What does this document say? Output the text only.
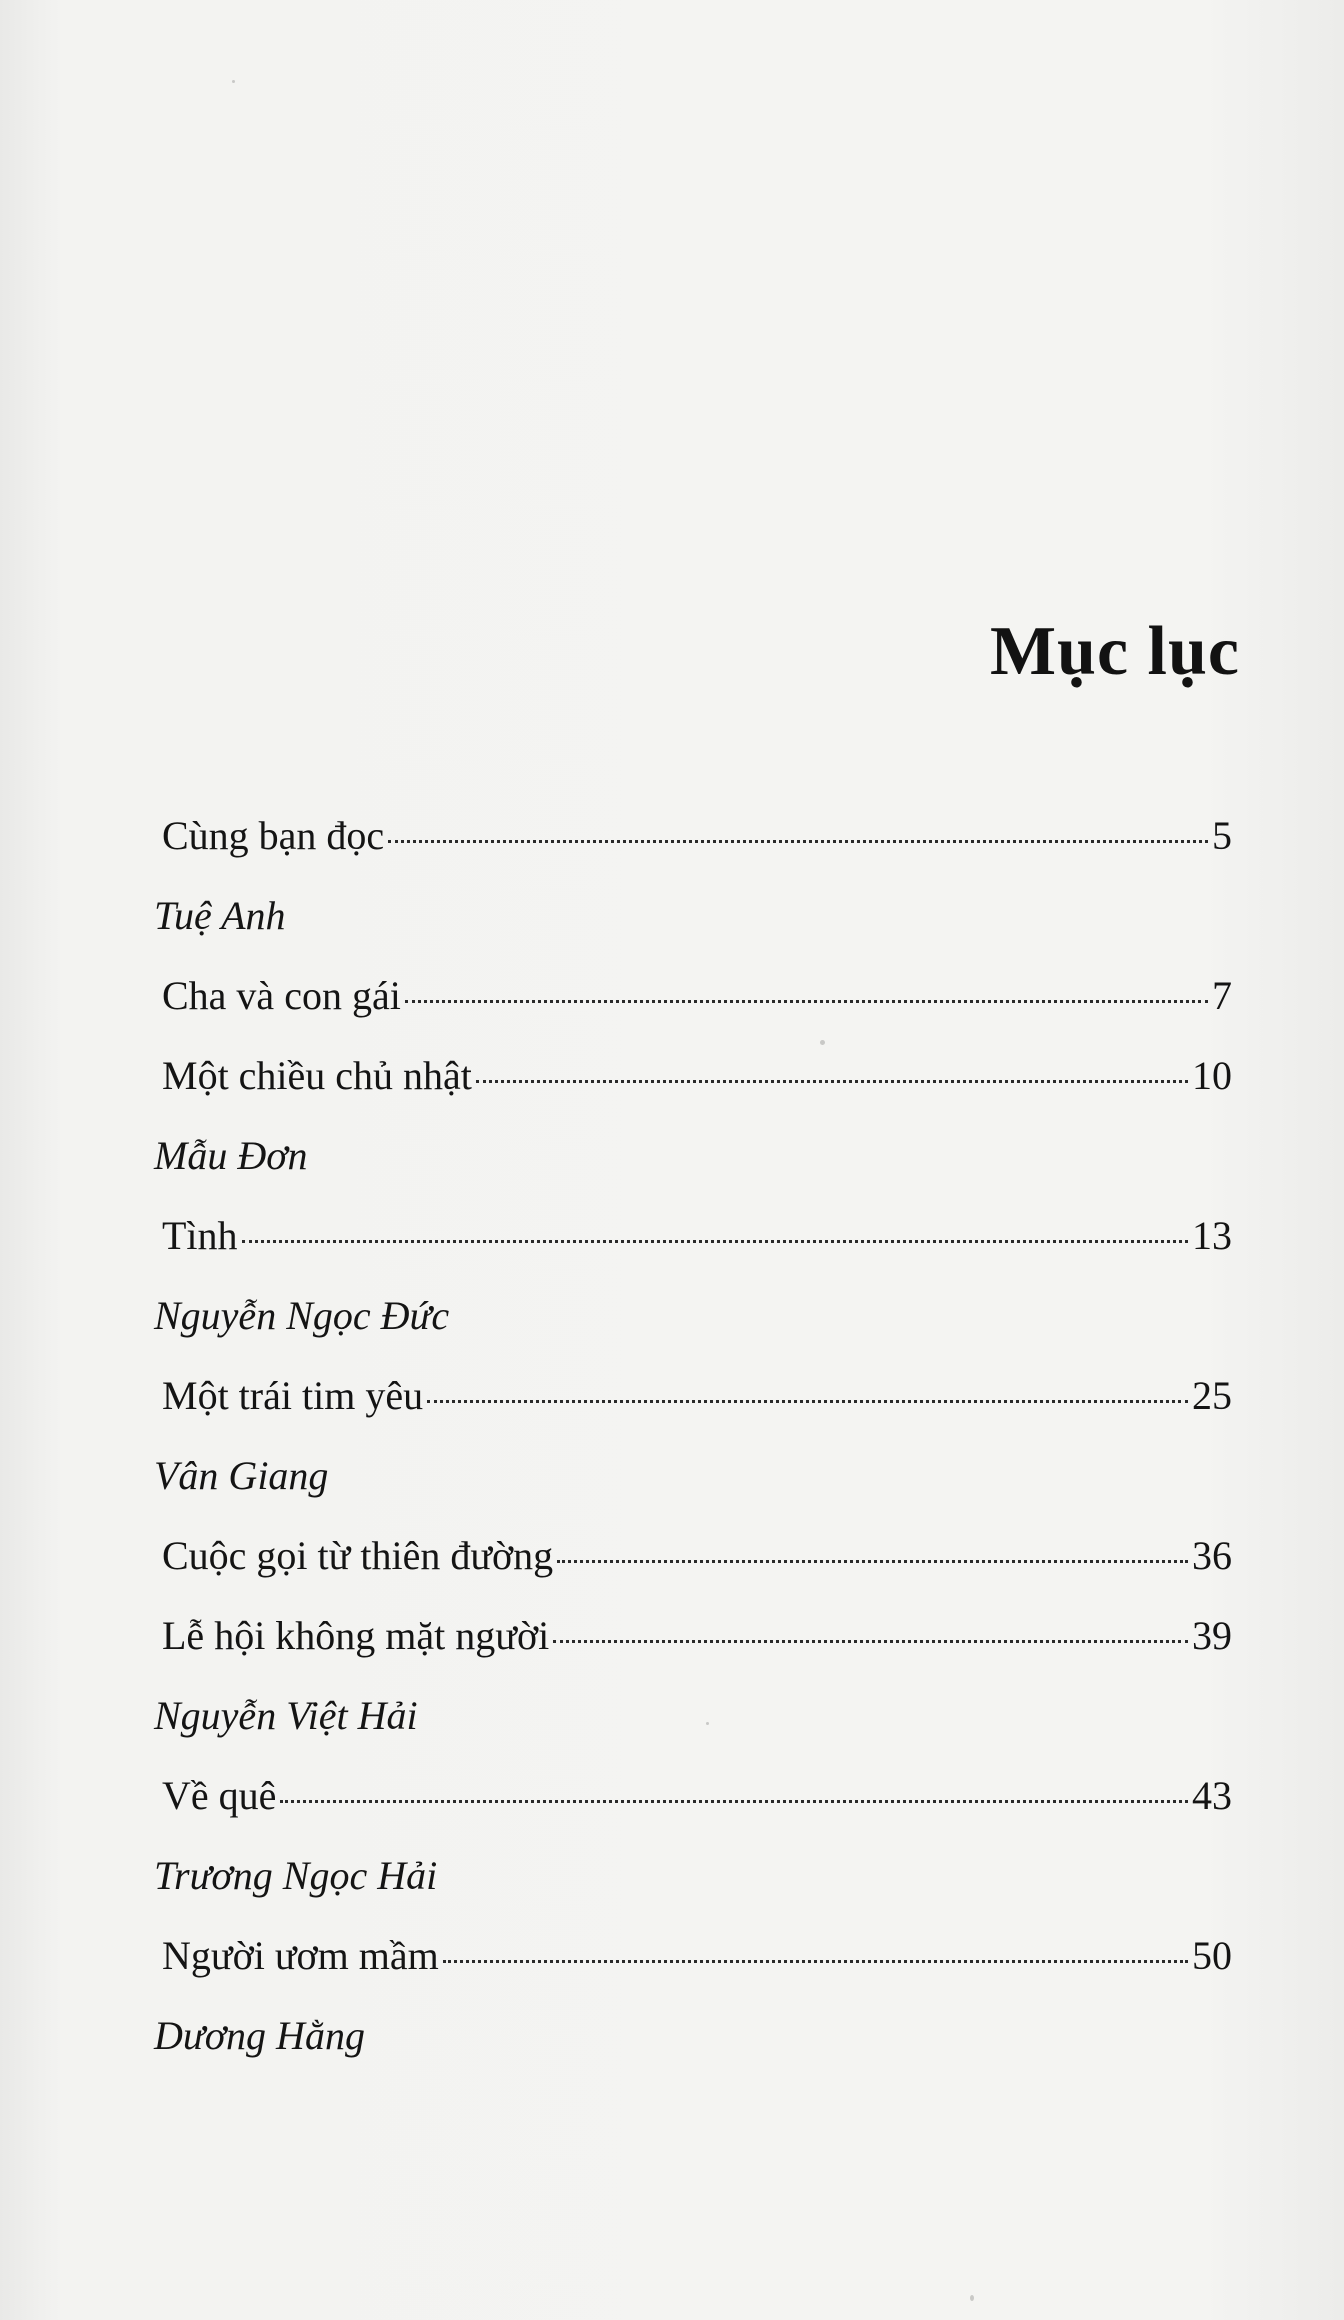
Mục lục
Cùng bạn đọc	5
Tuệ Anh
Cha và con gái	7
Một chiều chủ nhật	10
Mẫu Đơn
Tình	13
Nguyễn Ngọc Đức
Một trái tim yêu	25
Vân Giang
Cuộc gọi từ thiên đường	36
Lễ hội không mặt người	39
Nguyễn Việt Hải
Về quê	43
Trương Ngọc Hải
Người ươm mầm	50
Dương Hằng
